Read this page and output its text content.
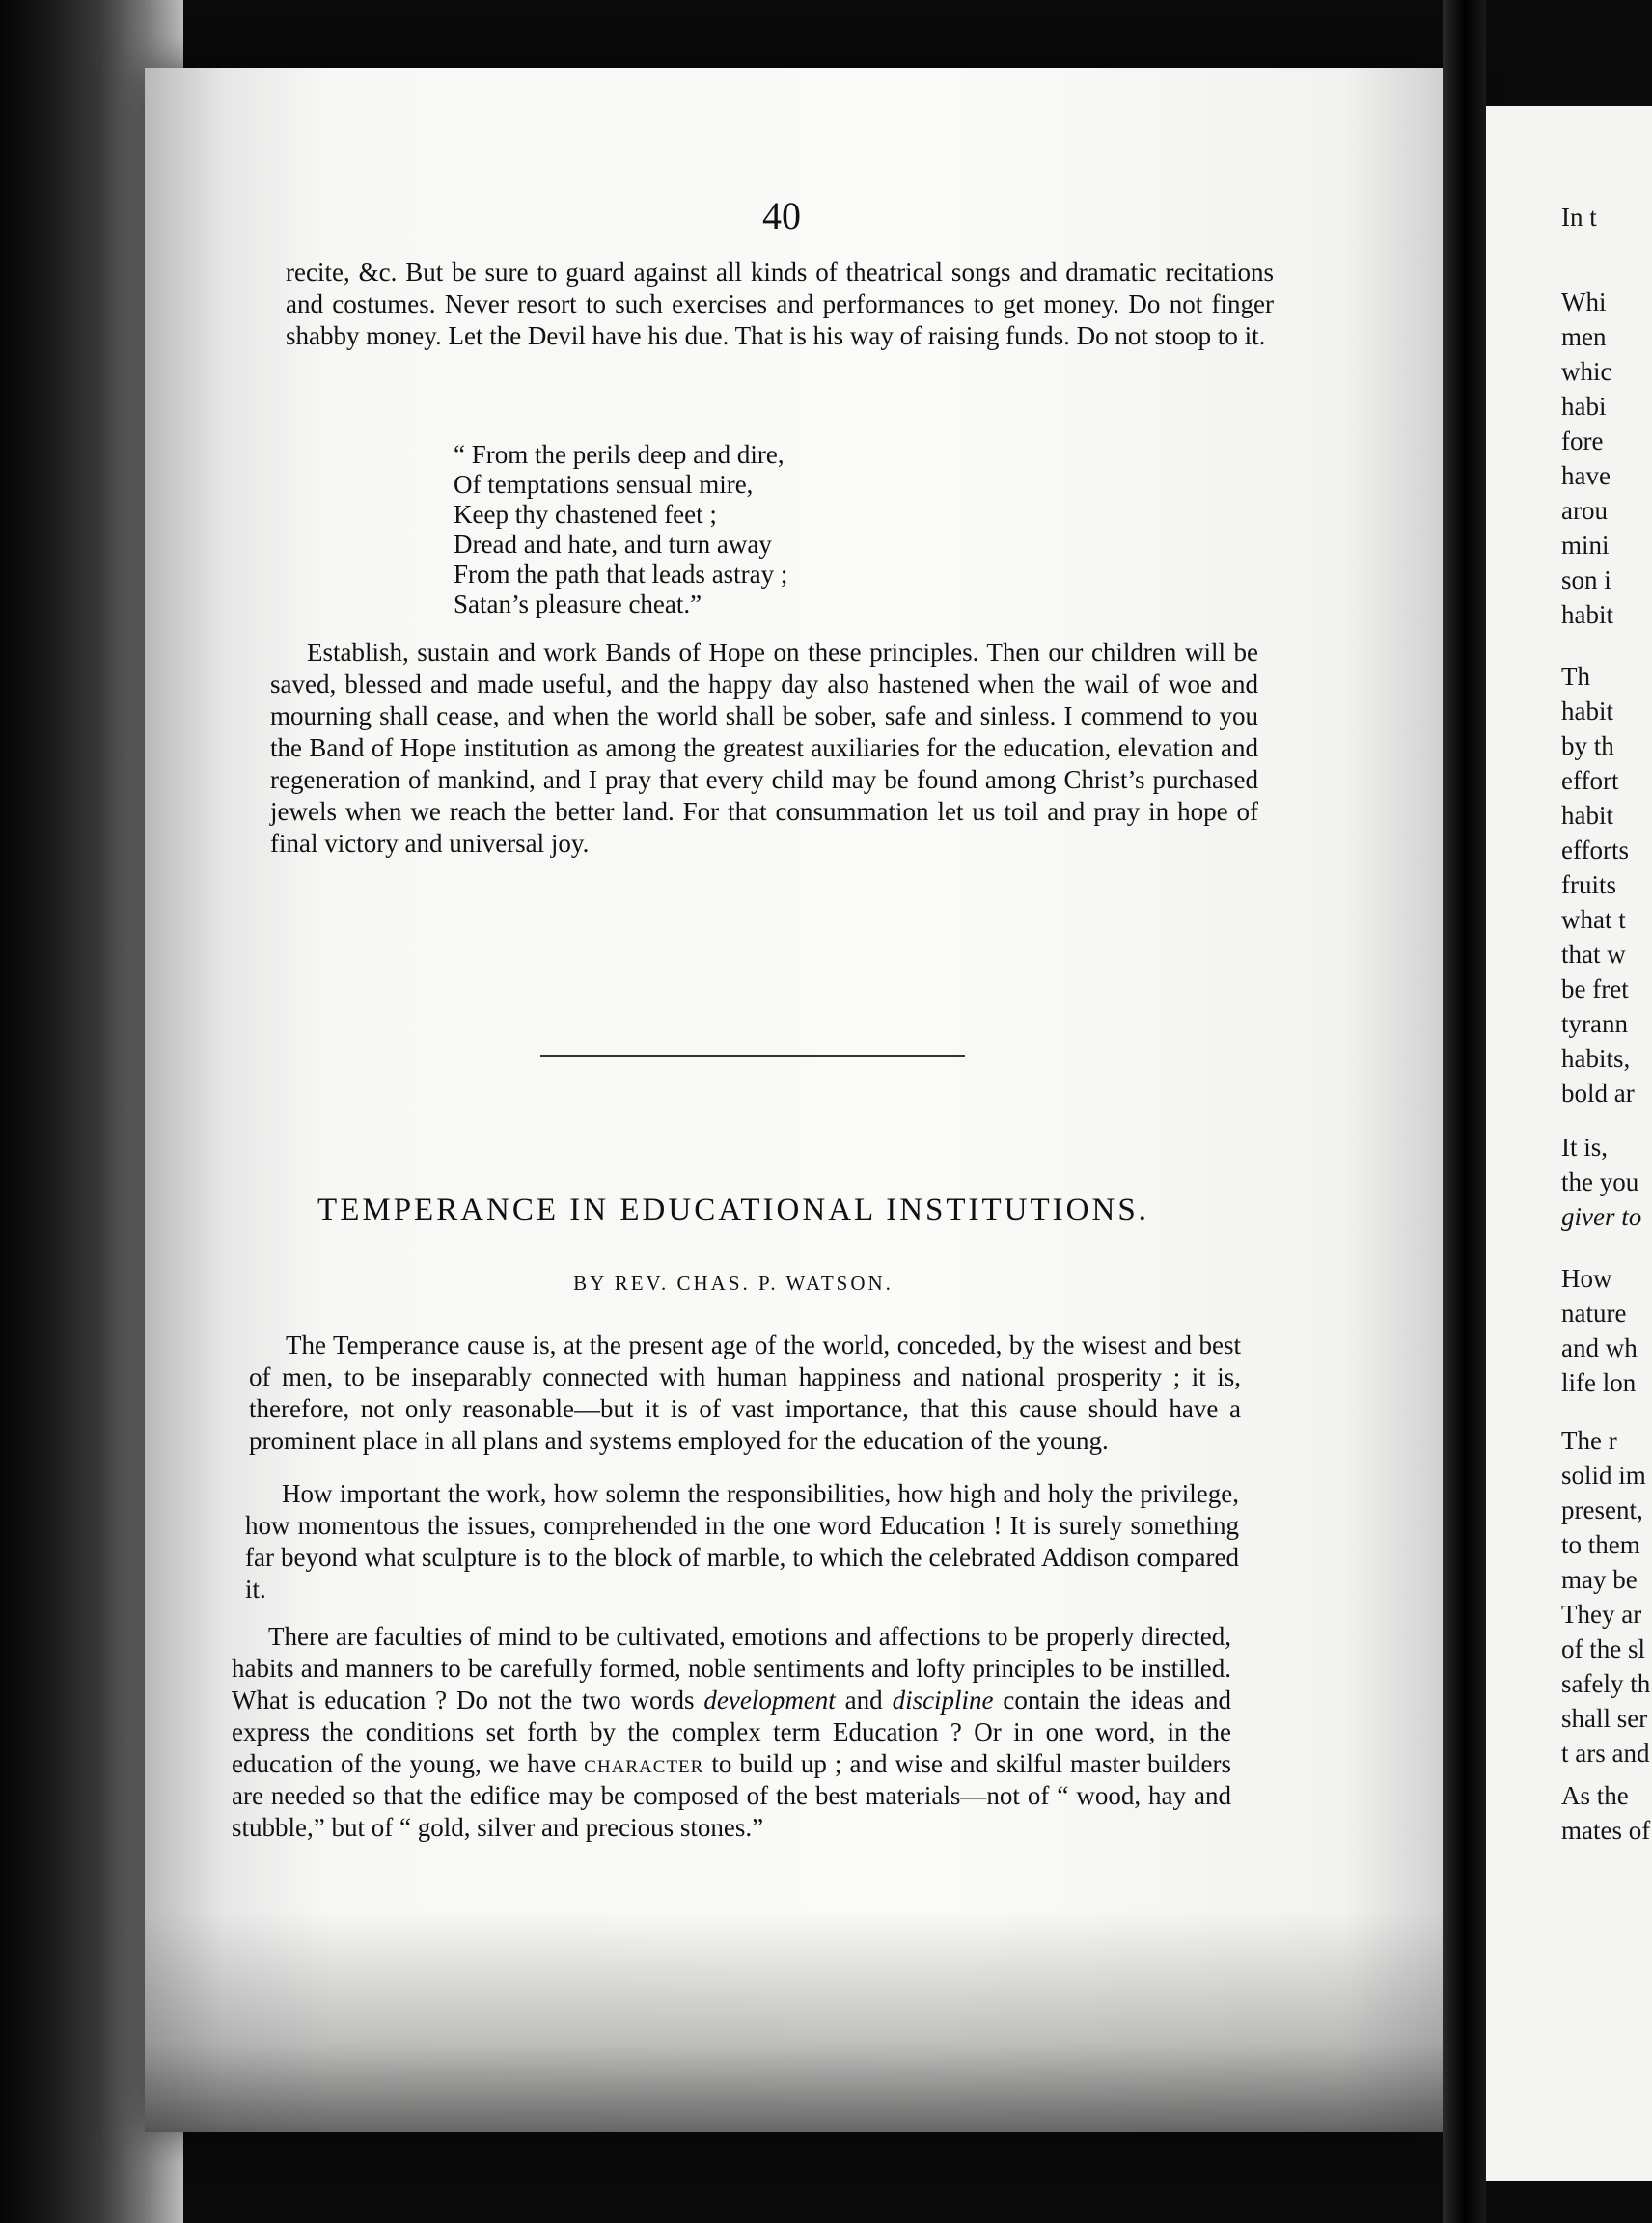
In t
Whi
men
whic
habi
fore
have
arou
mini
son i
habit
Th
habit
by th
effort
habit
efforts
fruits
what t
that w
be fret
tyrann
habits,
bold ar
It is,
the you
giver to
How
nature
and wh
life lon
The r
solid im
present,
to them
may be
They ar
of the sl
safely th
shall ser
t ars and
As the
mates of
40

recite, &c. But be sure to guard against all kinds of theatrical songs and dramatic recitations and costumes. Never resort to such exercises and performances to get money. Do not finger shabby money. Let the Devil have his due. That is his way of raising funds. Do not stoop to it.

“ From the perils deep and dire,
Of temptations sensual mire,
Keep thy chastened feet ;
Dread and hate, and turn away
From the path that leads astray ;
Satan’s pleasure cheat.”

Establish, sustain and work Bands of Hope on these principles. Then our children will be saved, blessed and made useful, and the happy day also hastened when the wail of woe and mourning shall cease, and when the world shall be sober, safe and sinless. I commend to you the Band of Hope institution as among the greatest auxiliaries for the education, elevation and regeneration of mankind, and I pray that every child may be found among Christ’s purchased jewels when we reach the better land. For that consummation let us toil and pray in hope of final victory and universal joy.

TEMPERANCE IN EDUCATIONAL INSTITUTIONS.
BY REV. CHAS. P. WATSON.

The Temperance cause is, at the present age of the world, conceded, by the wisest and best of men, to be inseparably connected with human happiness and national prosperity ; it is, therefore, not only reasonable—but it is of vast importance, that this cause should have a prominent place in all plans and systems employed for the education of the young.

How important the work, how solemn the responsibilities, how high and holy the privilege, how momentous the issues, comprehended in the one word Education ! It is surely something far beyond what sculpture is to the block of marble, to which the celebrated Addison compared it.

There are faculties of mind to be cultivated, emotions and affections to be properly directed, habits and manners to be carefully formed, noble sentiments and lofty principles to be instilled. What is education ? Do not the two words development and discipline contain the ideas and express the conditions set forth by the complex term Education ? Or in one word, in the education of the young, we have character to build up ; and wise and skilful master builders are needed so that the edifice may be composed of the best materials—not of “ wood, hay and stubble,” but of “ gold, silver and precious stones.”
